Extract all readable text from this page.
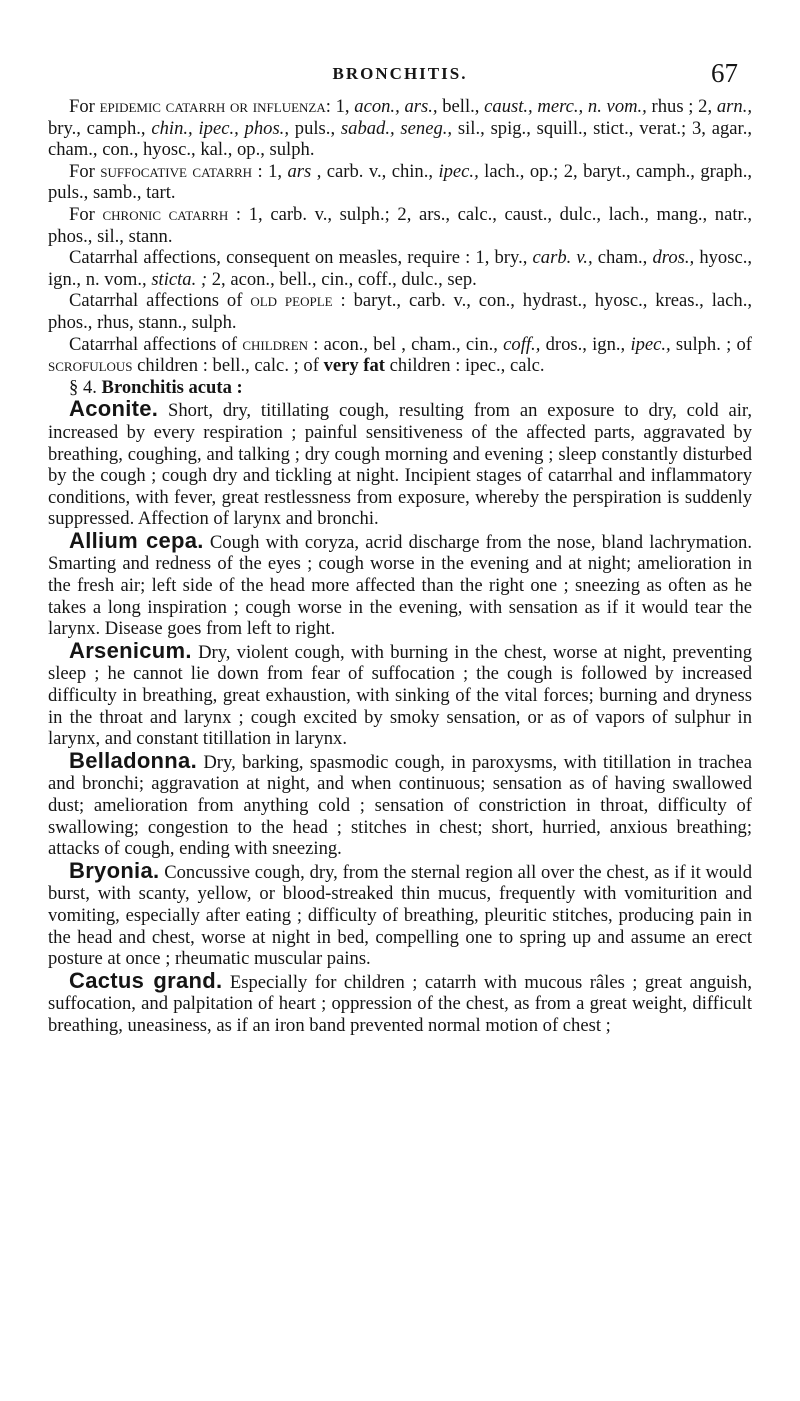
BRONCHITIS.	67

For epidemic catarrh or influenza: 1, acon., ars., bell., caust., merc., n. vom., rhus ; 2, arn., bry., camph., chin., ipec., phos., puls., sabad., seneg., sil., spig., squill., stict., verat.; 3, agar., cham., con., hyosc., kal., op., sulph.

For suffocative catarrh : 1, ars , carb. v., chin., ipec., lach., op.; 2, baryt., camph., graph., puls., samb., tart.

For chronic catarrh : 1, carb. v., sulph.; 2, ars., calc., caust., dulc., lach., mang., natr., phos., sil., stann.

Catarrhal affections, consequent on measles, require : 1, bry., carb. v., cham., dros., hyosc., ign., n. vom., sticta. ; 2, acon., bell., cin., coff., dulc., sep.

Catarrhal affections of old people : baryt., carb. v., con., hydrast., hyosc., kreas., lach., phos., rhus, stann., sulph.

Catarrhal affections of children : acon., bel , cham., cin., coff., dros., ign., ipec., sulph. ; of scrofulous children : bell., calc. ; of very fat children : ipec., calc.

§ 4. Bronchitis acuta :

Aconite. Short, dry, titillating cough, resulting from an exposure to dry, cold air, increased by every respiration ; painful sensitiveness of the affected parts, aggravated by breathing, coughing, and talking ; dry cough morning and evening ; sleep constantly disturbed by the cough ; cough dry and tickling at night. Incipient stages of catarrhal and inflammatory conditions, with fever, great restlessness from exposure, whereby the perspiration is suddenly suppressed. Affection of larynx and bronchi.

Allium cepa. Cough with coryza, acrid discharge from the nose, bland lachrymation. Smarting and redness of the eyes ; cough worse in the evening and at night; amelioration in the fresh air; left side of the head more affected than the right one ; sneezing as often as he takes a long inspiration ; cough worse in the evening, with sensation as if it would tear the larynx. Disease goes from left to right.

Arsenicum. Dry, violent cough, with burning in the chest, worse at night, preventing sleep ; he cannot lie down from fear of suffocation ; the cough is followed by increased difficulty in breathing, great exhaustion, with sinking of the vital forces; burning and dryness in the throat and larynx ; cough excited by smoky sensation, or as of vapors of sulphur in larynx, and constant titillation in larynx.

Belladonna. Dry, barking, spasmodic cough, in paroxysms, with titillation in trachea and bronchi; aggravation at night, and when continuous; sensation as of having swallowed dust; amelioration from anything cold ; sensation of constriction in throat, difficulty of swallowing; congestion to the head ; stitches in chest; short, hurried, anxious breathing; attacks of cough, ending with sneezing.

Bryonia. Concussive cough, dry, from the sternal region all over the chest, as if it would burst, with scanty, yellow, or blood-streaked thin mucus, frequently with vomiturition and vomiting, especially after eating ; difficulty of breathing, pleuritic stitches, producing pain in the head and chest, worse at night in bed, compelling one to spring up and assume an erect posture at once ; rheumatic muscular pains.

Cactus grand. Especially for children ; catarrh with mucous râles ; great anguish, suffocation, and palpitation of heart ; oppression of the chest, as from a great weight, difficult breathing, uneasiness, as if an iron band prevented normal motion of chest ;
